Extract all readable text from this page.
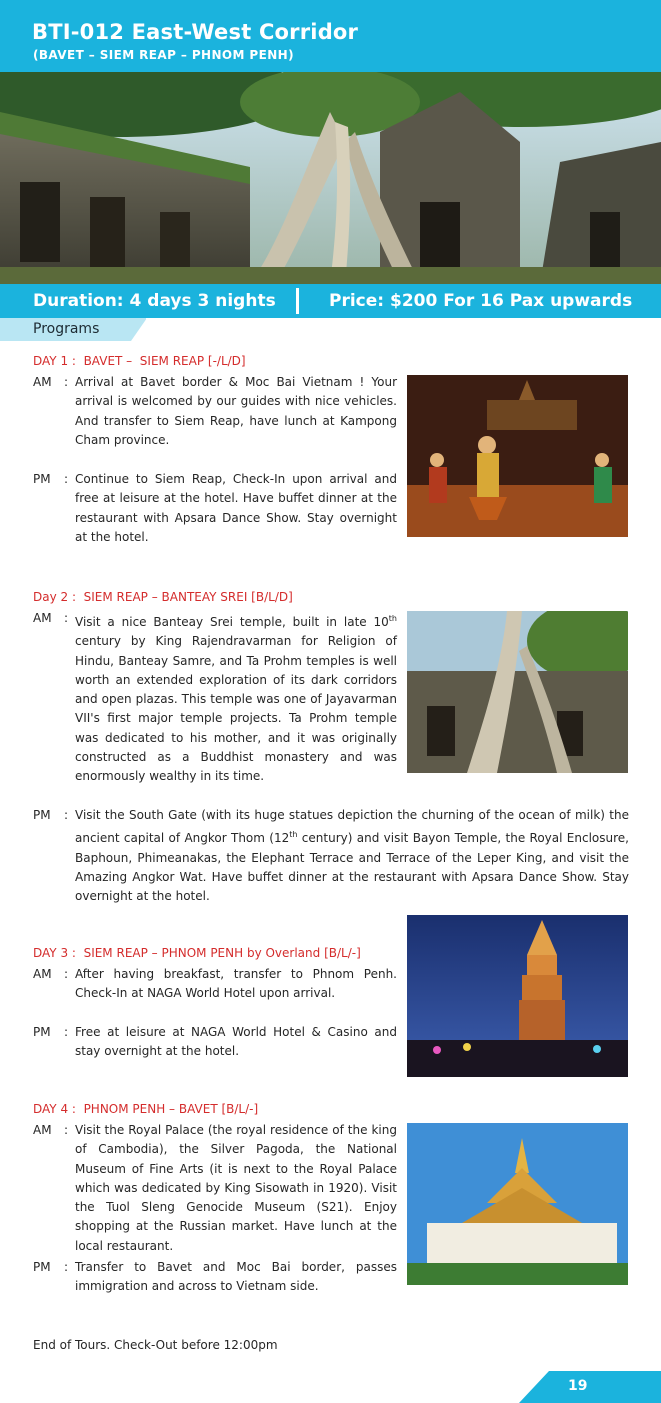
BTI-012 East-West Corridor
(BAVET – SIEM REAP – PHNOM PENH)
Duration: 4 days 3 nights	Price: $200 For 16 Pax upwards
Programs
DAY 1 :  BAVET –  SIEM REAP [-/L/D]
AM	: Arrival at Bavet border & Moc Bai Vietnam ! Your arrival is welcomed by our guides with nice vehicles. And transfer to Siem Reap, have lunch at Kampong Cham province.
PM	: Continue to Siem Reap, Check-In upon arrival and free at leisure at the hotel. Have buffet dinner at the restaurant with Apsara Dance Show. Stay overnight at the hotel.
Day 2 :  SIEM REAP – BANTEAY SREI [B/L/D]
AM	: Visit a nice Banteay Srei temple, built in late 10th century by King Rajendravarman for Religion of Hindu, Banteay Samre, and Ta Prohm temples is well worth an extended exploration of its dark corridors and open plazas. This temple was one of Jayavarman VII's first major temple projects. Ta Prohm temple was dedicated to his mother, and it was originally constructed as a Buddhist monastery and was enormously wealthy in its time.
PM	: Visit the South Gate (with its huge statues depiction the churning of the ocean of milk) the ancient capital of Angkor Thom (12th century) and visit Bayon Temple, the Royal Enclosure, Baphoun, Phimeanakas, the Elephant Terrace and Terrace of the Leper King, and visit the Amazing Angkor Wat. Have buffet dinner at the restaurant with Apsara Dance Show. Stay overnight at the hotel.
DAY 3 :  SIEM REAP – PHNOM PENH by Overland [B/L/-]
AM	: After having breakfast, transfer to Phnom Penh. Check-In at NAGA World Hotel upon arrival.
PM	: Free at leisure at NAGA World Hotel & Casino and stay overnight at the hotel.
DAY 4 :  PHNOM PENH – BAVET [B/L/-]
AM	: Visit the Royal Palace (the royal residence of the king of Cambodia), the Silver Pagoda, the National Museum of Fine Arts (it is next to the Royal Palace which was dedicated by King Sisowath in 1920). Visit the Tuol Sleng Genocide Museum (S21). Enjoy shopping at the Russian market. Have lunch at the local restaurant.
PM	: Transfer to Bavet and Moc Bai border, passes immigration and across to Vietnam side.
End of Tours. Check-Out before 12:00pm
19
